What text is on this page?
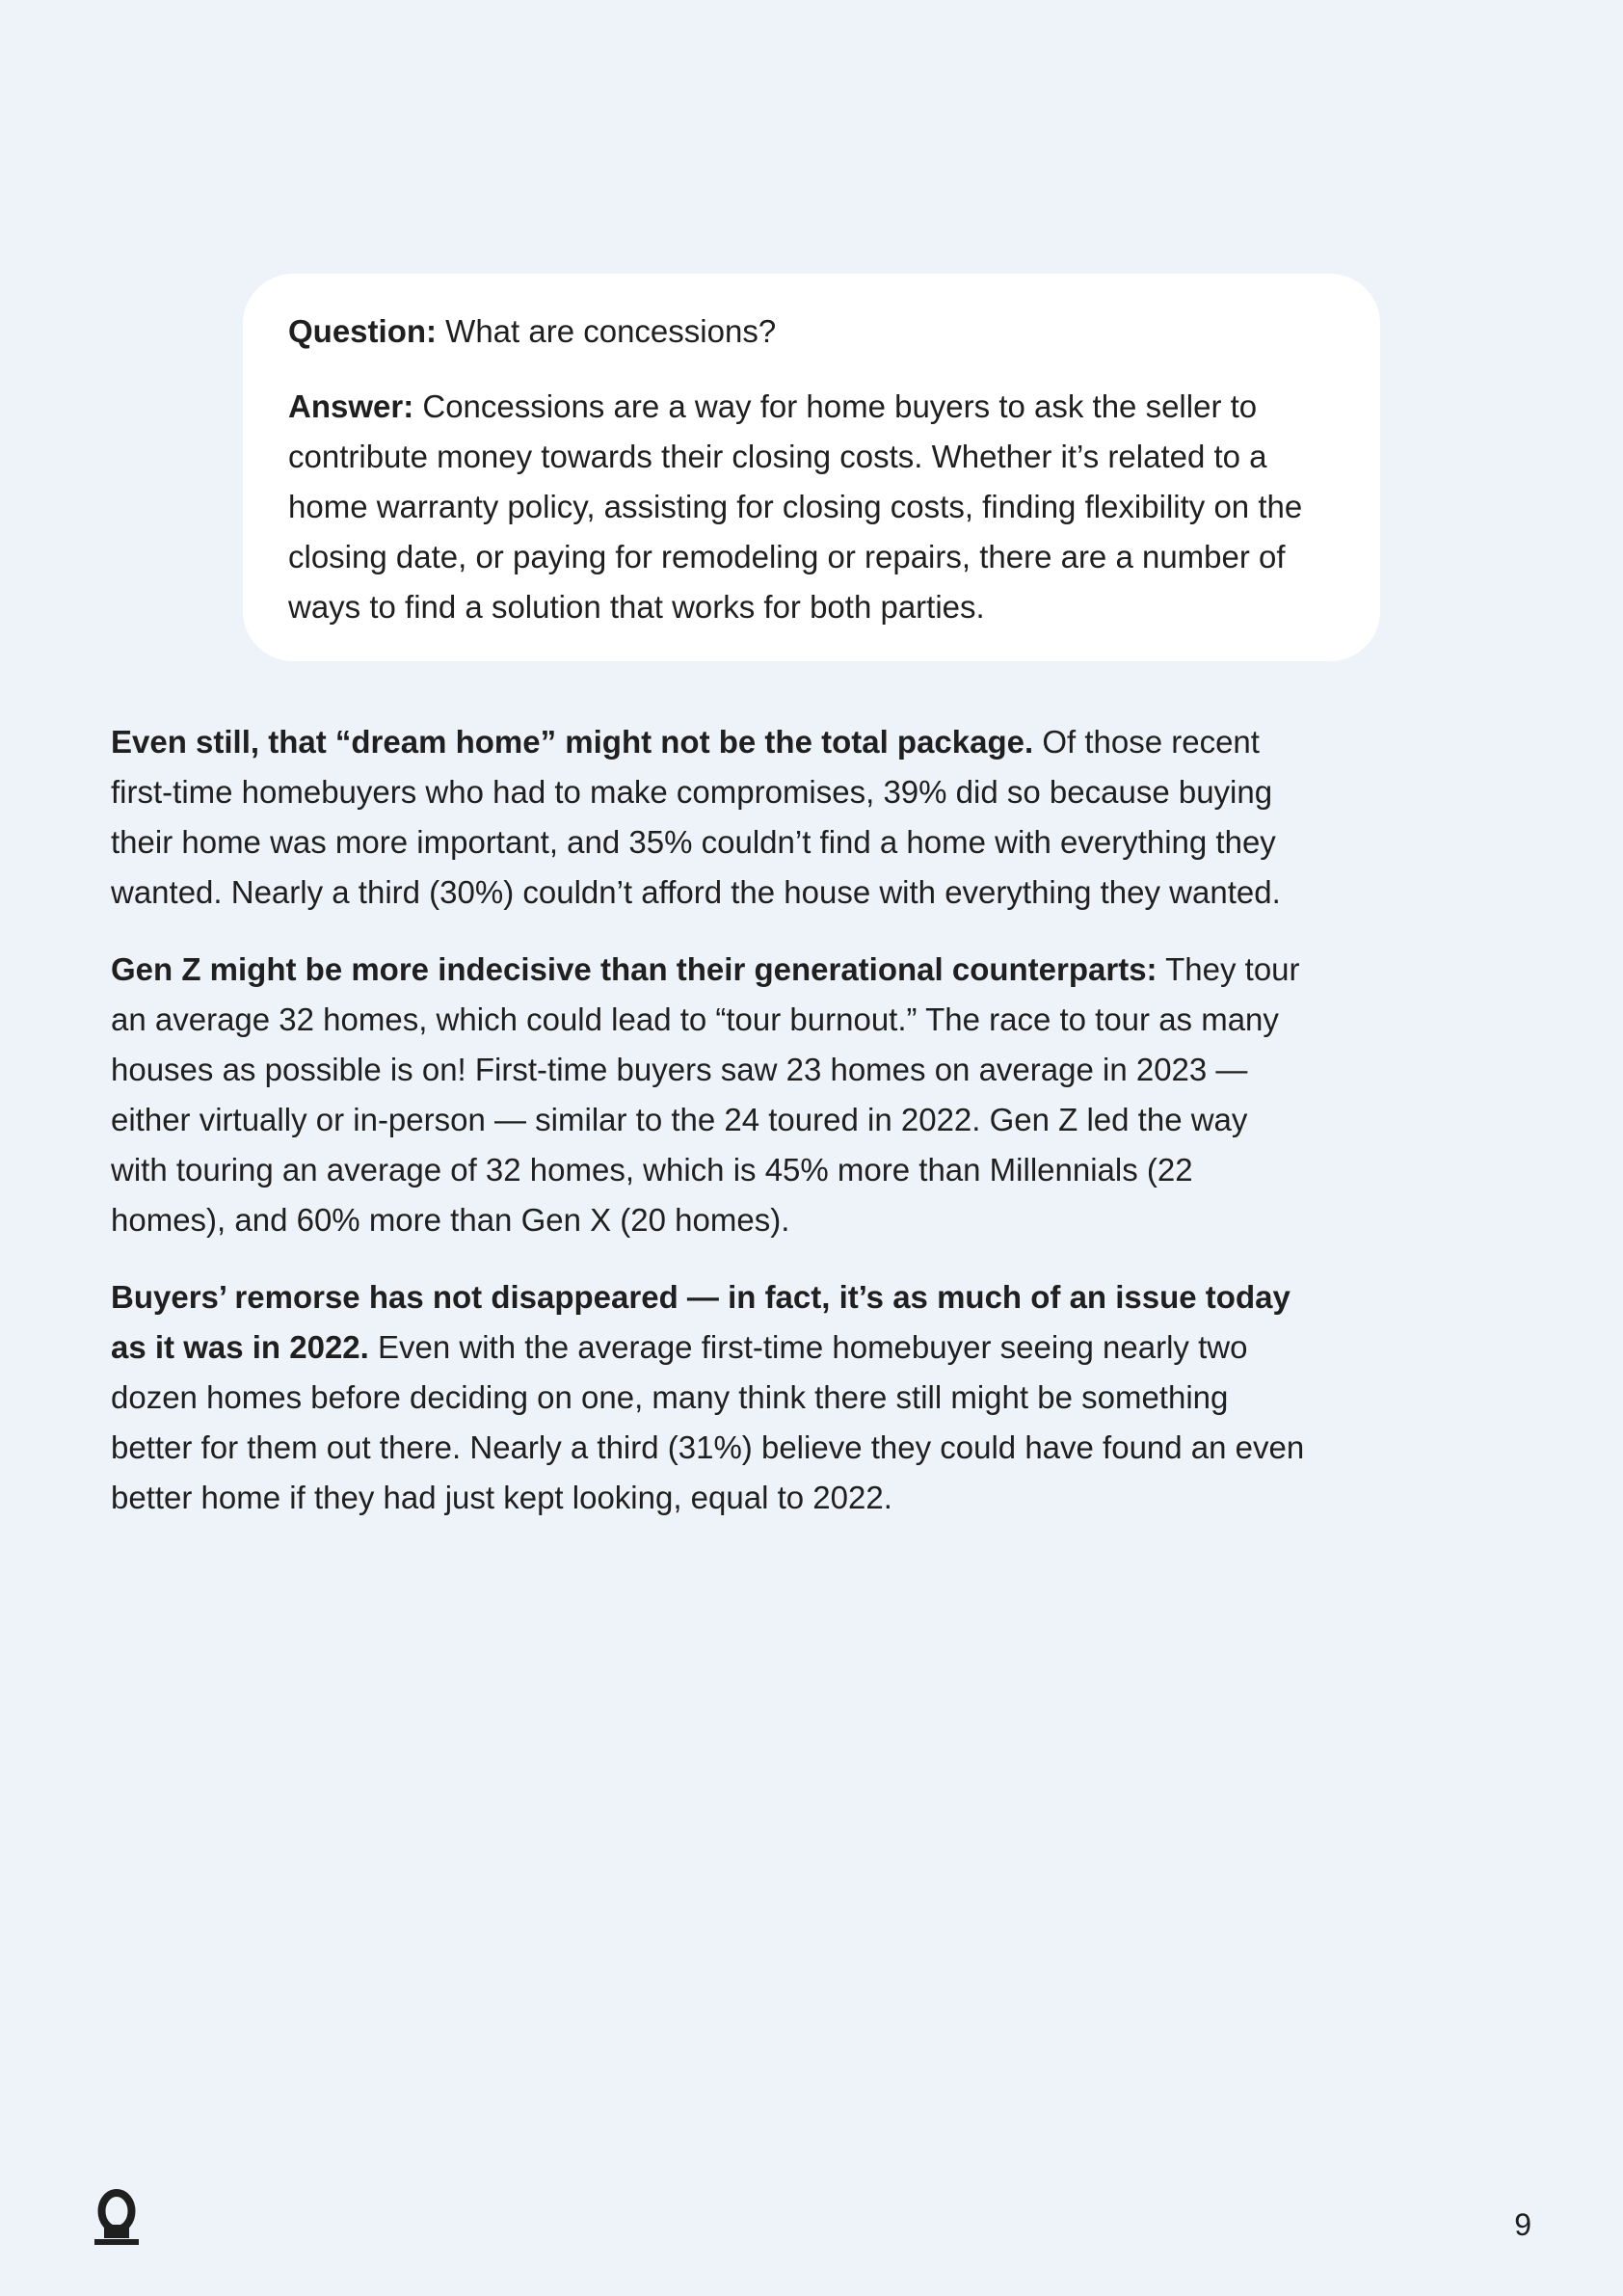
Question: What are concessions?

Answer: Concessions are a way for home buyers to ask the seller to contribute money towards their closing costs. Whether it’s related to a home warranty policy, assisting for closing costs, finding flexibility on the closing date, or paying for remodeling or repairs, there are a number of ways to find a solution that works for both parties.

Even still, that “dream home” might not be the total package. Of those recent first-time homebuyers who had to make compromises, 39% did so because buying their home was more important, and 35% couldn’t find a home with everything they wanted. Nearly a third (30%) couldn’t afford the house with everything they wanted.

Gen Z might be more indecisive than their generational counterparts: They tour an average 32 homes, which could lead to “tour burnout.” The race to tour as many houses as possible is on! First-time buyers saw 23 homes on average in 2023 — either virtually or in-person — similar to the 24 toured in 2022. Gen Z led the way with touring an average of 32 homes, which is 45% more than Millennials (22 homes), and 60% more than Gen X (20 homes).

Buyers’ remorse has not disappeared — in fact, it’s as much of an issue today as it was in 2022. Even with the average first-time homebuyer seeing nearly two dozen homes before deciding on one, many think there still might be something better for them out there. Nearly a third (31%) believe they could have found an even better home if they had just kept looking, equal to 2022.

9
